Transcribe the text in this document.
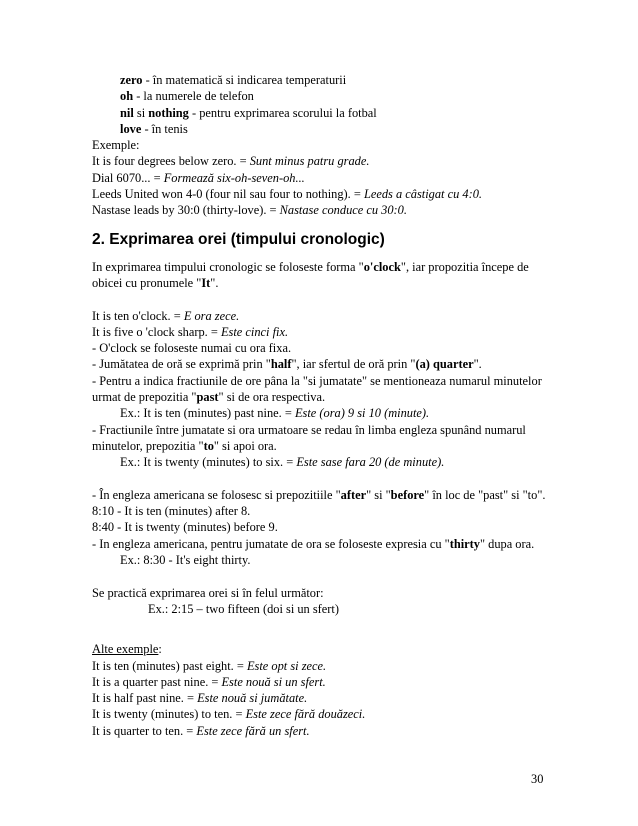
zero - în matematică si indicarea temperaturii
oh - la numerele de telefon
nil si nothing - pentru exprimarea scorului la fotbal
love - în tenis
Exemple:
It is four degrees below zero. = Sunt minus patru grade.
Dial 6070... = Formează six-oh-seven-oh...
Leeds United won 4-0 (four nil sau four to nothing). = Leeds a câstigat cu 4:0.
Nastase leads by 30:0 (thirty-love). = Nastase conduce cu 30:0.
2. Exprimarea orei (timpului cronologic)
In exprimarea timpului cronologic se foloseste forma "o'clock", iar propozitia începe de obicei cu pronumele "It".
It is ten o'clock. = E ora zece.
It is five o 'clock sharp. = Este cinci fix.
- O'clock se foloseste numai cu ora fixa.
- Jumătatea de oră se exprimă prin "half", iar sfertul de oră prin "(a) quarter".
- Pentru a indica fractiunile de ore pâna la "si jumatate" se mentioneaza numarul minutelor urmat de prepozitia "past" si de ora respectiva.
Ex.: It is ten (minutes) past nine. = Este (ora) 9 si 10 (minute).
- Fractiunile între jumatate si ora urmatoare se redau în limba engleza spunând numarul minutelor, prepozitia "to" si apoi ora.
Ex.: It is twenty (minutes) to six. = Este sase fara 20 (de minute).
- În engleza americana se folosesc si prepozitiile "after" si "before" în loc de "past" si "to".
8:10 - It is ten (minutes) after 8.
8:40 - It is twenty (minutes) before 9.
- In engleza americana, pentru jumatate de ora se foloseste expresia cu "thirty" dupa ora.
Ex.: 8:30 - It's eight thirty.
Se practică exprimarea orei si în felul următor:
Ex.: 2:15 – two fifteen (doi si un sfert)
Alte exemple:
It is ten (minutes) past eight. = Este opt si zece.
It is a quarter past nine. = Este nouă si un sfert.
It is half past nine. = Este nouă si jumătate.
It is twenty (minutes) to ten. = Este zece fără douăzeci.
It is quarter to ten. = Este zece fără un sfert.
30
